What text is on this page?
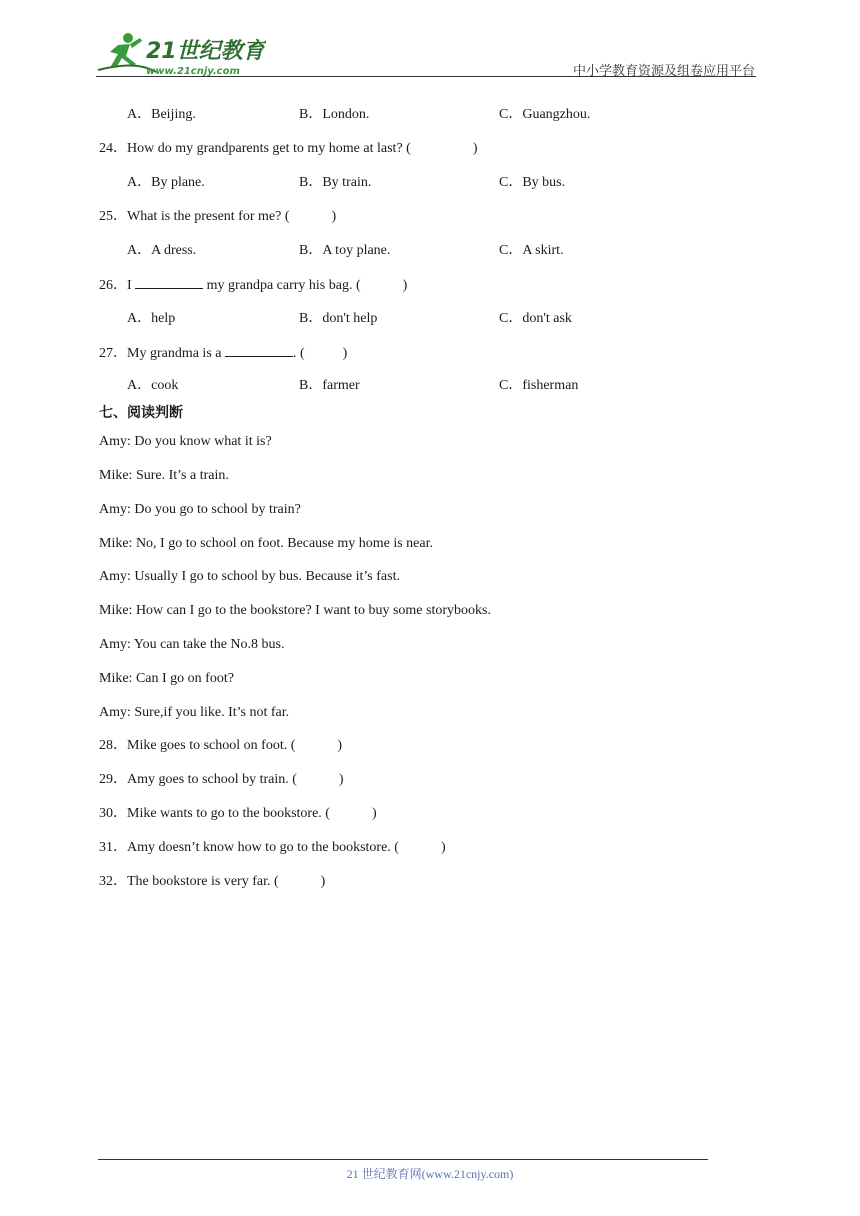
21世纪教育
www.21cnjy.com	中小学教育资源及组卷应用平台
A．Beijing.	B．London.	C．Guangzhou.
24．How do my grandparents get to my home at last? (	)
A．By plane.	B．By train.	C．By bus.
25．What is the present for me? (	)
A．A dress.	B．A toy plane.	C．A skirt.
26．I	my grandpa carry his bag. (	)
A．help	B．don't help	C．don't ask
27．My grandma is a	. (	)
A．cook	B．farmer	C．fisherman
七、阅读判断
Amy: Do you know what it is?
Mike: Sure. It’s a train.
Amy: Do you go to school by train?
Mike: No, I go to school on foot. Because my home is near.
Amy: Usually I go to school by bus. Because it’s fast.
Mike: How can I go to the bookstore? I want to buy some storybooks.
Amy: You can take the No.8 bus.
Mike: Can I go on foot?
Amy: Sure,if you like. It’s not far.
28．Mike goes to school on foot. (	)
29．Amy goes to school by train. (	)
30．Mike wants to go to the bookstore. (	)
31．Amy doesn’t know how to go to the bookstore. (	)
32．The bookstore is very far. (	)
21 世纪教育网(www.21cnjy.com)
